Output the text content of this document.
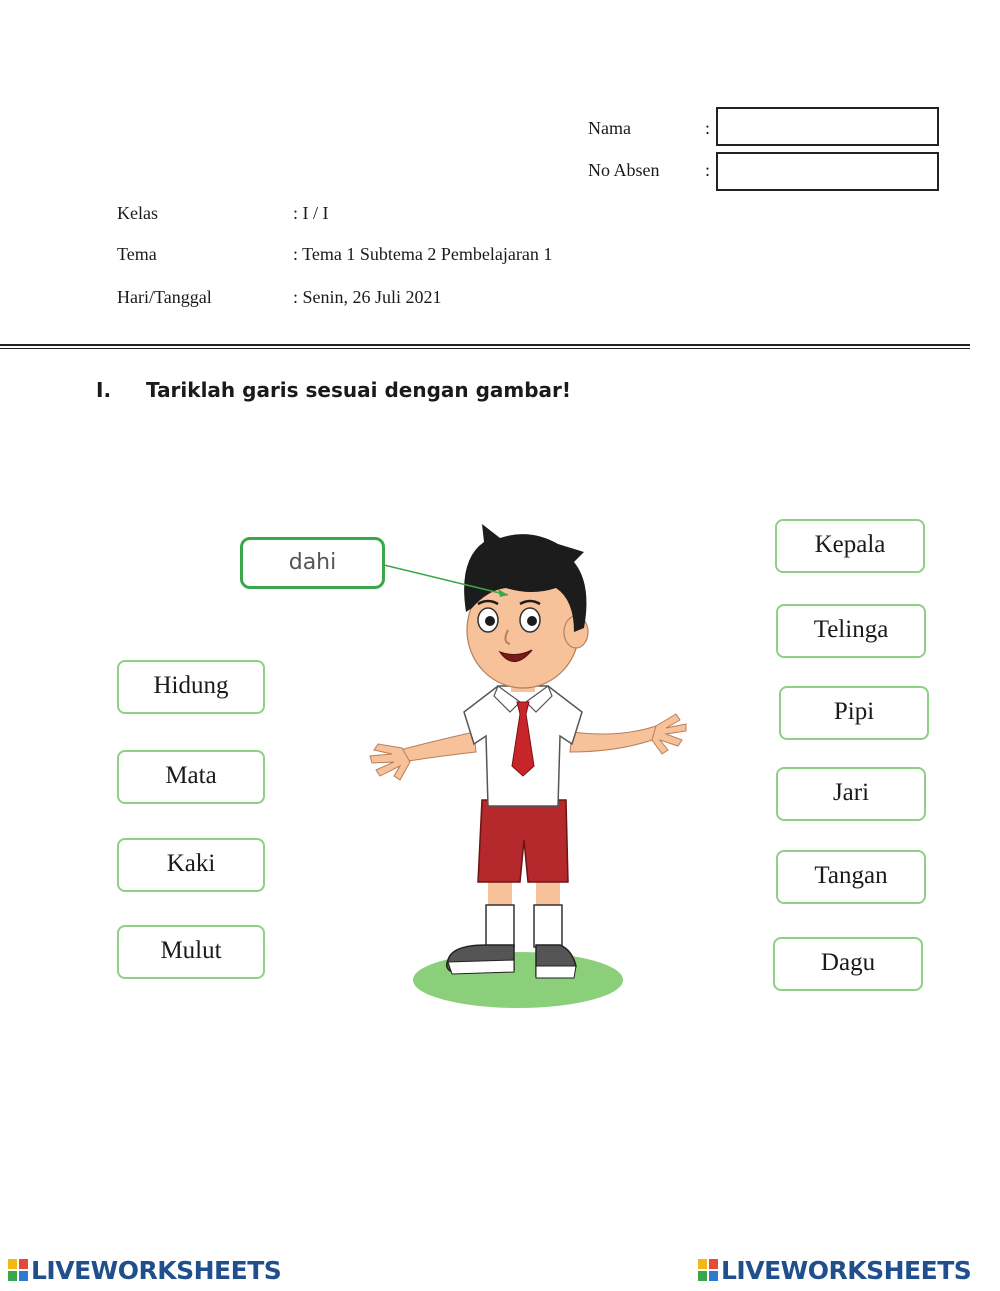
Nama	:
No Absen	:
Kelas	: I / I
Tema	: Tema 1 Subtema 2 Pembelajaran 1
Hari/Tanggal	: Senin, 26 Juli 2021
I. Tariklah garis sesuai dengan gambar!
dahi
Hidung
Mata
Kaki
Mulut
Kepala
Telinga
Pipi
Jari
Tangan
Dagu
LIVEWORKSHEETS	LIVEWORKSHEETS
